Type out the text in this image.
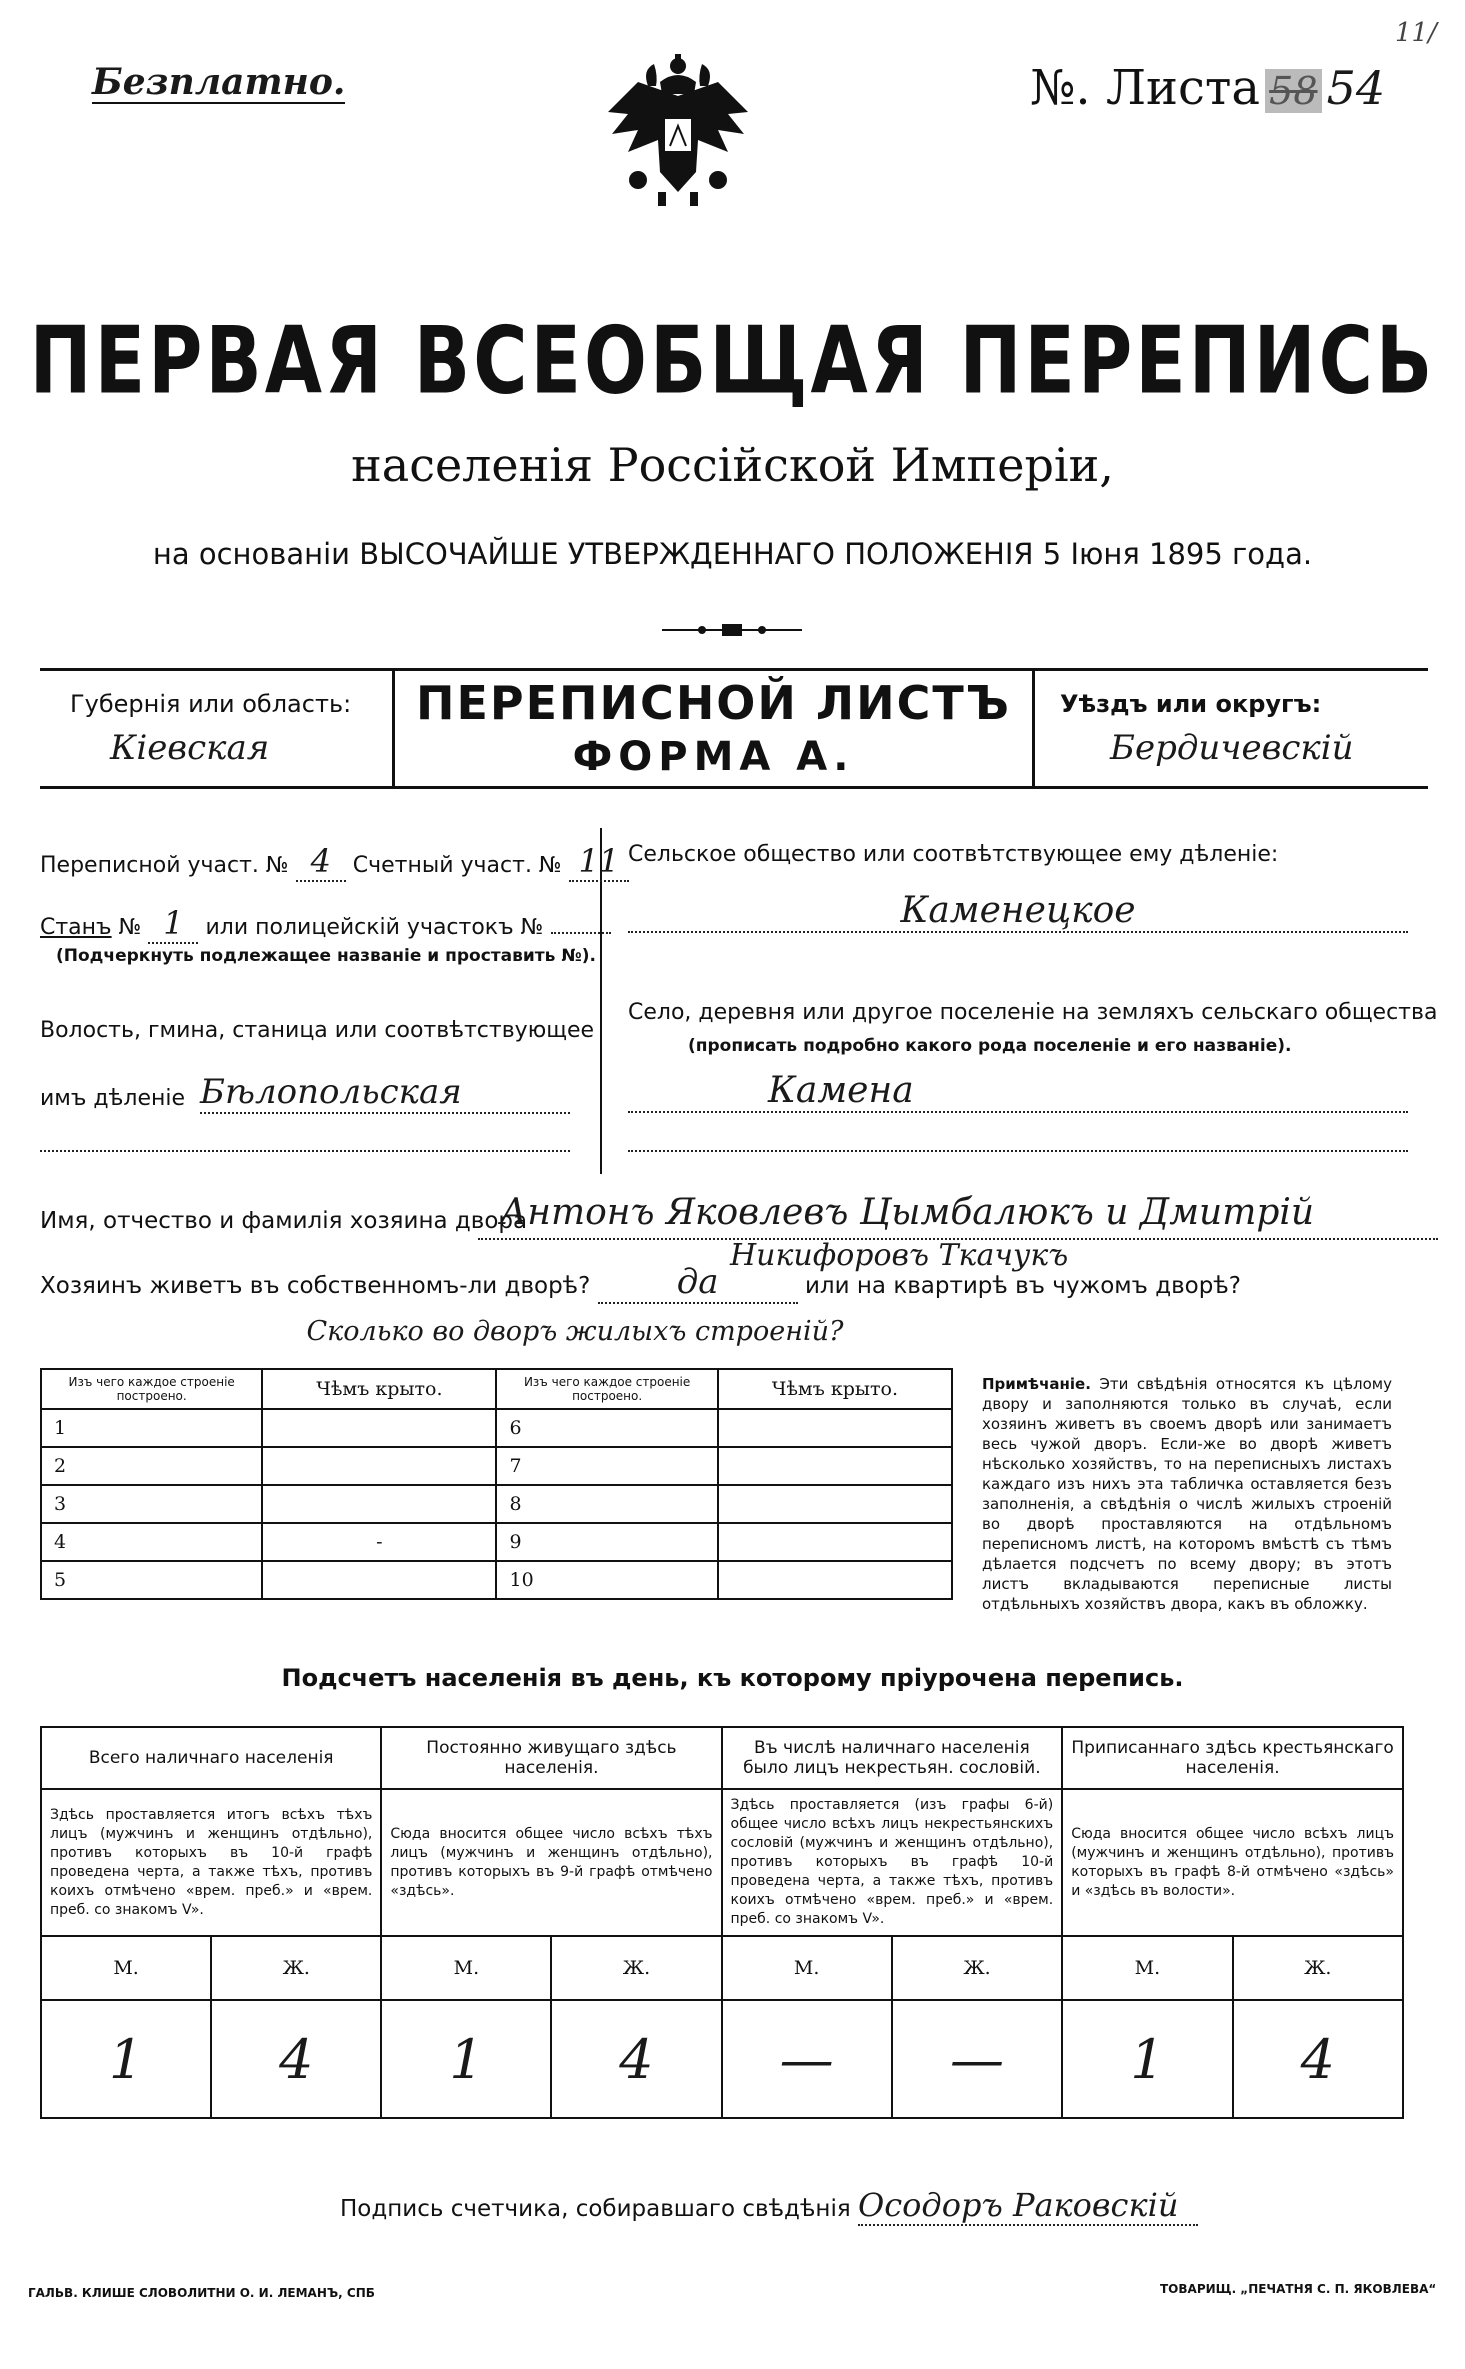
Безплатно.	№. Листа 58 54
11/
ПЕРВАЯ ВСЕОБЩАЯ ПЕРЕПИСЬ
населенія Россійской Имперіи,
на основаніи ВЫСОЧАЙШЕ УТВЕРЖДЕННАГО ПОЛОЖЕНІЯ 5 Іюня 1895 года.
Губернія или область:
Кіевская
ПЕРЕПИСНОЙ ЛИСТЪ
ФОРМА А.
Уѣздъ или округъ:
Бердичевскій
Переписной участ. № 4 Счетный участ. № 11
Станъ № 1 или полицейскій участокъ №
(Подчеркнуть подлежащее названіе и проставить №).
Волость, гмина, станица или соотвѣтствующее
имъ дѣленіе Бѣлопольская
Сельское общество или соотвѣтствующее ему дѣленіе:
Каменецкое
Село, деревня или другое поселеніе на земляхъ сельскаго общества
(прописать подробно какого рода поселеніе и его названіе).
Камена
Имя, отчество и фамилія хозяина двора
Антонъ Яковлевъ Цымбалюкъ и Дмитрій
Никифоровъ Ткачукъ
Хозяинъ живетъ въ собственномъ-ли дворѣ?	да	или на квартирѣ въ чужомъ дворѣ?
Сколько во дворъ жилыхъ строеній?
Изъ чего каждое строеніе построено.	Чѣмъ крыто.	Изъ чего каждое строеніе построено.	Чѣмъ крыто.
1		6	
2		7	
3		8	
4	-	9	
5		10	
Примѣчаніе. Эти свѣдѣнія относятся къ цѣлому двору и заполняются только въ случаѣ, если хозяинъ живетъ въ своемъ дворѣ или занимаетъ весь чужой дворъ. Если-же во дворѣ живетъ нѣсколько хозяйствъ, то на переписныхъ листахъ каждаго изъ нихъ эта табличка оставляется безъ заполненія, а свѣдѣнія о числѣ жилыхъ строеній во дворѣ проставляются на отдѣльномъ переписномъ листѣ, на которомъ вмѣстѣ съ тѣмъ дѣлается подсчетъ по всему двору; въ этотъ листъ вкладываются переписные листы отдѣльныхъ хозяйствъ двора, какъ въ обложку.
Подсчетъ населенія въ день, къ которому пріурочена перепись.
Всего наличнаго населенія		Постоянно живущаго здѣсь населенія.		Въ числѣ наличнаго населенія было лицъ некрестьян. сословій.		Приписаннаго здѣсь крестьянскаго населенія.	
Здѣсь проставляется итогъ всѣхъ тѣхъ лицъ (мужчинъ и женщинъ отдѣльно), противъ которыхъ въ 10-й графѣ проведена черта, а также тѣхъ, противъ коихъ отмѣчено «врем. преб.» и «врем. преб. со знакомъ V».		Сюда вносится общее число всѣхъ тѣхъ лицъ (мужчинъ и женщинъ отдѣльно), противъ которыхъ въ 9-й графѣ отмѣчено «здѣсь».		Здѣсь проставляется (изъ графы 6-й) общее число всѣхъ лицъ некрестьянскихъ сословій (мужчинъ и женщинъ отдѣльно), противъ которыхъ въ графѣ 10-й проведена черта, а также тѣхъ, противъ коихъ отмѣчено «врем. преб.» и «врем. преб. со знакомъ V».		Сюда вносится общее число всѣхъ лицъ (мужчинъ и женщинъ отдѣльно), противъ которыхъ въ графѣ 8-й отмѣчено «здѣсь» и «здѣсь въ волости».	
М.	Ж.	М.	Ж.	М.	Ж.	М.	Ж.
1	4	1	4	—	—	1	4
Подпись счетчика, собиравшаго свѣдѣнія Осодоръ Раковскій
ГАЛЬВ. КЛИШЕ СЛОВОЛИТНИ О. И. ЛЕМАНЪ, СПБ	ТОВАРИЩ. „ПЕЧАТНЯ С. П. ЯКОВЛЕВА“
